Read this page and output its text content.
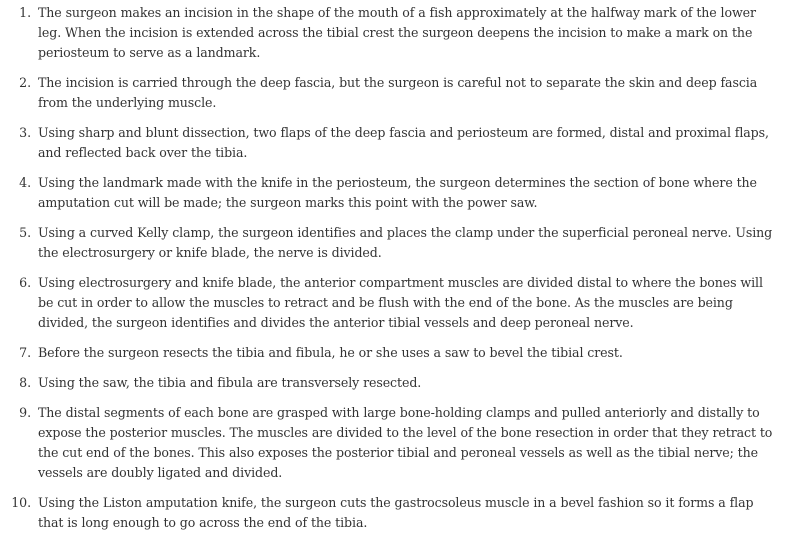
1. The surgeon makes an incision in the shape of the mouth of a fish approximately at the halfway mark of the lower leg. When the incision is extended across the tibial crest the surgeon deepens the incision to make a mark on the periosteum to serve as a landmark.
2. The incision is carried through the deep fascia, but the surgeon is careful not to separate the skin and deep fascia from the underlying muscle.
3. Using sharp and blunt dissection, two flaps of the deep fascia and periosteum are formed, distal and proximal flaps, and reflected back over the tibia.
4. Using the landmark made with the knife in the periosteum, the surgeon determines the section of bone where the amputation cut will be made; the surgeon marks this point with the power saw.
5. Using a curved Kelly clamp, the surgeon identifies and places the clamp under the superficial peroneal nerve. Using the electrosurgery or knife blade, the nerve is divided.
6. Using electrosurgery and knife blade, the anterior compartment muscles are divided distal to where the bones will be cut in order to allow the muscles to retract and be flush with the end of the bone. As the muscles are being divided, the surgeon identifies and divides the anterior tibial vessels and deep peroneal nerve.
7. Before the surgeon resects the tibia and fibula, he or she uses a saw to bevel the tibial crest.
8. Using the saw, the tibia and fibula are transversely resected.
9. The distal segments of each bone are grasped with large bone-holding clamps and pulled anteriorly and distally to expose the posterior muscles. The muscles are divided to the level of the bone resection in order that they retract to the cut end of the bones. This also exposes the posterior tibial and peroneal vessels as well as the tibial nerve; the vessels are doubly ligated and divided.
10. Using the Liston amputation knife, the surgeon cuts the gastrocsoleus muscle in a bevel fashion so it forms a flap that is long enough to go across the end of the tibia.
